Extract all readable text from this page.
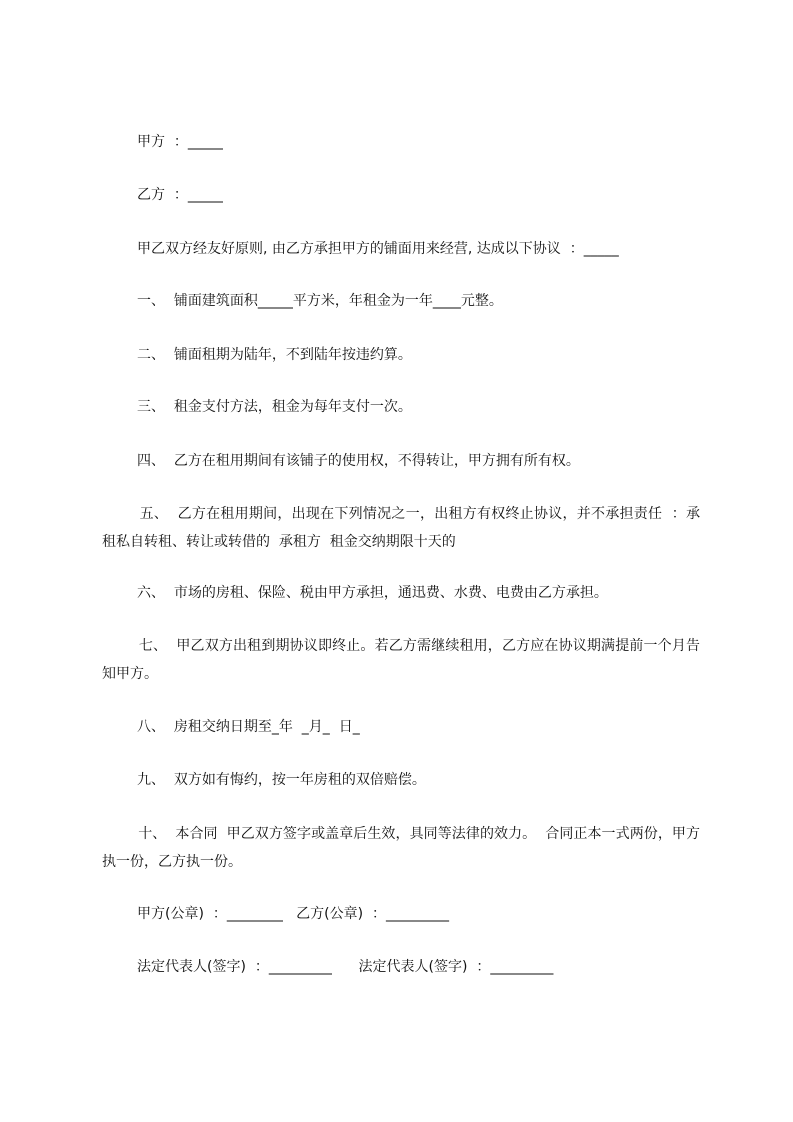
甲方  ：_____
乙方  ：_____
甲乙双方经友好原则, 由乙方承担甲方的铺面用来经营, 达成以下协议  ：_____
一、  铺面建筑面积_____平方米，年租金为一年____元整。
二、  铺面租期为陆年，不到陆年按违约算。
三、  租金支付方法，租金为每年支付一次。
四、  乙方在租用期间有该铺子的使用权，不得转让，甲方拥有所有权。
五、  乙方在租用期间，出现在下列情况之一，出租方有权终止协议，并不承担责任  ：承租私自转租、转让或转借的  承租方  租金交纳期限十天的
六、  市场的房租、保险、税由甲方承担，通迅费、水费、电费由乙方承担。
七、  甲乙双方出租到期协议即终止。若乙方需继续租用，乙方应在协议期满提前一个月告知甲方。
八、  房租交纳日期至_年  _月_  日_
九、  双方如有悔约，按一年房租的双倍赔偿。
十、  本合同  甲乙双方签字或盖章后生效，具同等法律的效力。  合同正本一式两份，甲方执一份，乙方执一份。
甲方(公章)  ：________   乙方(公章)  ：_________
法定代表人(签字)  ：_________      法定代表人(签字)  ：_________
